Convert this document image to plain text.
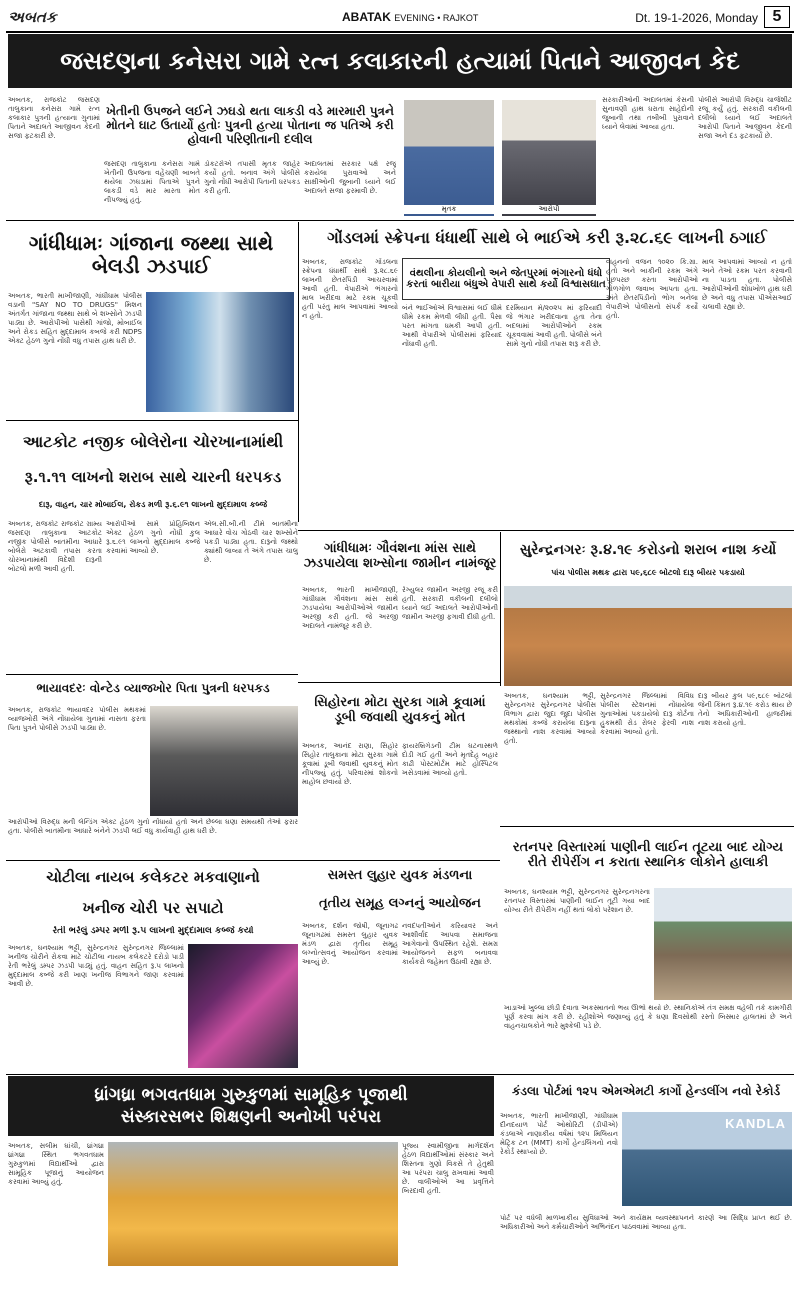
અબતક	ABATAK EVENING • RAJKOT	Dt. 19-1-2026, Monday 5
જસદણના કનેસરા ગામે રત્ન કલાકારની હત્યામાં પિતાને આજીવન કેદ
અબતક, રાજકોટ જસદણ તાલુકાના કનેસરા ગામે રત્ન કલાકાર પુત્રની હત્યાના ગુનામાં પિતાને અદાલતે આજીવન કેદની સજા ફટકારી છે.
ખેતીની ઉપજને લઈને ઝઘડો થતા લાકડી વડે મારમારી પુત્રને મોતને ઘાટ ઉતાર્યો હતોઃ પુત્રની હત્યા પોતાના જ પતિએ કરી હોવાની પરિણીતાની દલીલ
જસદણ તાલુકાના કનેસરા ગામે ખેતીની ઉપજના વહેંચણી બાબતે થયેલા ઝઘડામાં પિતાએ પુત્રને લાકડી વડે માર મારતા મોત નીપજ્યું હતું.
ડોકટરોએ તપાસી મૃતક જાહેર કર્યો હતો. બનાવ અંગે પોલીસે ગુનો નોંધી આરોપી પિતાની ધરપકડ કરી હતી.
અદાલતમાં સરકાર પક્ષે રજૂ કરાયેલા પુરાવાઓ અને સાક્ષીઓની જુબાની ધ્યાને લઈ અદાલતે સજા ફરમાવી છે.
મૃતક	આરોપી
સરકારીઓની અદાલતમાં કેસની સુનાવણી હાથ ધરાતા સાહેદોની જુબાની તથા તબીબી પુરાવાને ધ્યાને લેવામાં આવ્યા હતા.
પોલીસે આરોપી વિરુદ્ધ ચાર્જશીટ રજૂ કર્યું હતું. સરકારી વકીલની દલીલો ધ્યાને લઈ અદાલતે આરોપી પિતાને આજીવન કેદની સજા અને દંડ ફટકાર્યો છે.
ગાંધીધામઃ ગાંજાના જથ્થા સાથે બેલડી ઝડપાઈ
અબતક, ભારતી માખીજાણી, ગાંધીધામ પોલીસ વડાની "SAY NO TO DRUGS" મિશન અંતર્ગત ગાંજાના જથ્થા સાથે બે શખ્સોને ઝડપી પાડ્યા છે. આરોપીઓ પાસેથી ગાંજો, મોબાઈલ અને રોકડ સહિત મુદ્દામાલ કબજે કરી NDPS એક્ટ હેઠળ ગુનો નોંધી વધુ તપાસ હાથ ધરી છે.
ગોંડલમાં સ્ક્રેપના ધંધાર્થી સાથે બે ભાઈએ કરી રૂ.૨૮.૬૯ લાખની ઠગાઈ
અબતક, રાજકોટ ગોંડલના સ્ક્રેપના ધંધાર્થી સાથે રૂ.૨૮.૬૯ લાખની છેતરપિંડી આચરવામાં આવી હતી. વેપારીએ ભંગારનો માલ ખરીદવા માટે રકમ ચૂકવી હતી પરંતુ માલ આપવામાં આવ્યો ન હતો.
વંથલીના કોયલીનો અને જેતપુરમાં ભંગારનો ધંધો કરતાં બારીયા બંધુએ વેપારી સાથે કર્યો વિશ્વાસઘાત
બંને ભાઈઓએ વિશ્વાસમાં લઈ ધીમે ધીમે રકમ મેળવી લીધી હતી. પૈસા પરત માંગતા ધમકી આપી હતી. આથી વેપારીએ પોલીસમાં ફરિયાદ નોંધાવી હતી.
દરમિયાન મે/૨૦૨૫ માં ફરિયાદી જે ભંગાર ખરીદવાના હતા તેના બદલામાં આરોપીઓને રકમ ચૂકવવામાં આવી હતી. પોલીસે બંને સામે ગુનો નોંધી તપાસ શરૂ કરી છે.
વાહનનો વજન ૧૦૨૦ કિ.ગ્રા. હતો અને બાકીની રકમ અંગે પૂછપરછ કરતા આરોપીઓ ગોળગોળ જવાબ આપતા હતા. અંતે છેતરપિંડીનો ભોગ બનેલા વેપારીએ પોલીસનો સંપર્ક કર્યો હતો.
માલ આપવામાં આવ્યો ન હતો અને તેઓ રકમ પરત કરવાની ના પાડતા હતા. પોલીસે આરોપીઓની શોધખોળ હાથ ધરી છે અને વધુ તપાસ પીએસઆઈ ચલાવી રહ્યા છે.
આટકોટ નજીક બોલેરોના ચોરખાનામાંથી
રૂ.૧.૧૧ લાખનો શરાબ સાથે ચારની ધરપકડ
દારૂ, વાહન, ચાર મોબાઈલ, રોકડ મળી રૂ.૬.૯૧ લાખનો મુદ્દામાલ કબ્જે
અબતક, રાજકોટ રાજકોટ ગ્રામ્ય જસદણ તાલુકાના આટકોટ નજીક પોલીસે બાતમીના આધારે બોલેરો અટકાવી તપાસ કરતા ચોરખાનામાંથી વિદેશી દારૂની બોટલો મળી આવી હતી.
આરોપીઓ સામે પ્રોહિબિશન એક્ટ હેઠળ ગુનો નોંધી કુલ રૂ.૬.૯૧ લાખનો મુદ્દામાલ કબ્જે કરવામાં આવ્યો છે.
એલ.સી.બી.ની ટીમે બાતમીના આધારે વોચ ગોઠવી ચાર શખ્સોને પકડી પાડ્યા હતા. દારૂનો જથ્થો ક્યાંથી લાવ્યા તે અંગે તપાસ ચાલુ છે.
ગાંધીધામઃ ગૌવંશના માંસ સાથે ઝડપાયેલા શખ્સોના જામીન નામંજૂર
અબતક, ભારતી માખીજાણી, ગાંધીધામ ગૌવંશના માંસ સાથે ઝડપાયેલા આરોપીઓએ જામીન અરજી કરી હતી. જે અરજી અદાલતે નામંજૂર કરી છે.
રેગ્યુલર જામીન અરજી રજૂ કરી હતી. સરકારી વકીલની દલીલો ધ્યાને લઈ અદાલતે આરોપીઓની જામીન અરજી ફગાવી દીધી હતી.
સુરેન્દ્રનગરઃ રૂ.૪.૧૯ કરોડનો શરાબ નાશ કર્યો
પાંચ પોલીસ મથક દ્વારા ૫૯,૬૮૯ બોટલો દારૂ બીયર પકડાયો
અબતક, ઘનશ્યામ ભટ્ટી, સુરેન્દ્રનગર સુરેન્દ્રનગર પોલીસ વિભાગ દ્વારા જુદા જુદા પોલીસ મથકોમાં કબ્જે કરાયેલા દારૂના જથ્થાનો નાશ કરવામાં આવ્યો હતો.
સુરેન્દ્રનગર જિલ્લામાં વિવિધ પોલીસ સ્ટેશનમાં નોંધાયેલા ગુનાઓમાં પકડાયેલો દારૂ કોર્ટના હુકમથી રોડ રોલર ફેરવી નાશ કરવામાં આવ્યો હતો.
દારૂ બીયર કુલ ૫૯,૬૮૯ બોટલો જેની કિંમત રૂ.૪.૧૯ કરોડ થાય છે તેનો અધિકારીઓની હાજરીમાં નાશ કરાયો હતો.
ભાયાવદરઃ વોન્ટેડ વ્યાજખોર પિતા પુત્રની ધરપકડ
અબતક, રાજકોટ ભાયાવદર પોલીસ મથકમાં વ્યાજખોરી અંગે નોંધાયેલા ગુનામાં નાસતા ફરતા પિતા પુત્રને પોલીસે ઝડપી પાડ્યા છે.
આરોપીઓ વિરુદ્ધ મની લેન્ડિંગ એક્ટ હેઠળ ગુનો નોંધાયો હતો અને છેલ્લા ઘણા સમયથી તેઓ ફરાર હતા. પોલીસે બાતમીના આધારે બંનેને ઝડપી લઈ વધુ કાર્યવાહી હાથ ધરી છે.
સિહોરના મોટા સુરકા ગામે કૂવામાં ડૂબી જવાથી યુવકનું મોત
અબતક, આનંદ રાણા, સિહોર સિહોર તાલુકાના મોટા સુરકા ગામે કૂવામાં ડૂબી જવાથી યુવકનું મોત નીપજ્યું હતું. પરિવારમાં શોકનો માહોલ છવાયો છે.
ફાયરબ્રિગેડની ટીમ ઘટનાસ્થળે દોડી ગઈ હતી અને મૃતદેહ બહાર કાઢી પોસ્ટમોર્ટમ માટે હોસ્પિટલ ખસેડવામાં આવ્યો હતો.
રતનપર વિસ્તારમાં પાણીની લાઈન તૂટયા બાદ યોગ્ય રીતે રીપેરીંગ ન કરાતા સ્થાનિક લોકોને હાલાકી
અબતક, ઘનશ્યામ ભટ્ટી, સુરેન્દ્રનગર સુરેન્દ્રનગરના રતનપર વિસ્તારમાં પાણીની લાઈન તૂટી ગયા બાદ યોગ્ય રીતે રીપેરીંગ નહીં થતાં લોકો પરેશાન છે.
ખાડાઓ ખુલ્લા છોડી દેવાતા અકસ્માતનો ભય ઊભો થયો છે. સ્થાનિકોએ તંત્ર સમક્ષ વહેલી તકે કામગીરી પૂર્ણ કરવા માંગ કરી છે. રહીશોએ જણાવ્યું હતું કે ઘણા દિવસોથી રસ્તો બિસ્માર હાલતમાં છે અને વાહનચાલકોને ભારે મુશ્કેલી પડે છે.
ચોટીલા નાયબ કલેકટર મકવાણાનો
ખનીજ ચોરી પર સપાટો
રેતી ભરેલું ડમ્પર મળી રૂ.૫ લાખનો મુદ્દામાલ કબ્જે કર્યો
અબતક, ઘનશ્યામ ભટ્ટી, સુરેન્દ્રનગર સુરેન્દ્રનગર જિલ્લામાં ખનીજ ચોરીને રોકવા માટે ચોટીલા નાયબ કલેકટરે દરોડો પાડી રેતી ભરેલું ડમ્પર ઝડપી પાડ્યું હતું. વાહન સહિત રૂ.૫ લાખનો મુદ્દામાલ કબ્જે કરી ખાણ ખનીજ વિભાગને જાણ કરવામાં આવી છે.
સમસ્ત લુહાર યુવક મંડળના
તૃતીય સમૂહ લગ્નનું આયોજન
અબતક, દર્શન જોષી, જૂનાગઢ જૂનાગઢમાં સમસ્ત લુહાર યુવક મંડળ દ્વારા તૃતીય સમૂહ લગ્નોત્સવનું આયોજન કરવામાં આવ્યું છે.
નવદંપતીઓને કરિયાવર અને આશીર્વાદ આપવા સમાજના આગેવાનો ઉપસ્થિત રહેશે. સમગ્ર આયોજનને સફળ બનાવવા કાર્યકરો જહેમત ઉઠાવી રહ્યા છે.
ધ્રાંગધ્રા ભગવતધામ ગુરુકુળમાં સામૂહિક પૂજાથી
સંસ્કારસભર શિક્ષણની અનોખી પરંપરા
અબતક, સલીમ ઘાંચી, ધ્રાંગધ્રા ધ્રાંગધ્રા સ્થિત ભગવતધામ ગુરુકુળમાં વિદ્યાર્થીઓ દ્વારા સામૂહિક પૂજાનું આયોજન કરવામાં આવ્યું હતું.
પૂજ્ય સ્વામીજીના માર્ગદર્શન હેઠળ વિદ્યાર્થીઓમાં સંસ્કાર અને શિસ્તના ગુણો વિકસે તે હેતુથી આ પરંપરા ચાલુ રાખવામાં આવી છે. વાલીઓએ આ પ્રવૃત્તિને બિરદાવી હતી.
કંડલા પોર્ટમાં ૧૨૫ એમએમટી કાર્ગો હેન્ડલીંગ નવો રેકોર્ડ
અબતક, ભારતી માખીજાણી, ગાંધીધામ દીનદયાળ પોર્ટ ઓથોરિટી (ડીપીએ) કંડલાએ નાણાકીય વર્ષમાં ૧૨૫ મિલિયન મેટ્રિક ટન (MMT) કાર્ગો હેન્ડલિંગનો નવો રેકોર્ડ સ્થાપ્યો છે.
KANDLA
પોર્ટ પર વધેલી માળખાકીય સુવિધાઓ અને કાર્યક્ષમ વ્યવસ્થાપનને કારણે આ સિદ્ધિ પ્રાપ્ત થઈ છે. અધિકારીઓ અને કર્મચારીઓને અભિનંદન પાઠવવામાં આવ્યા હતા.
